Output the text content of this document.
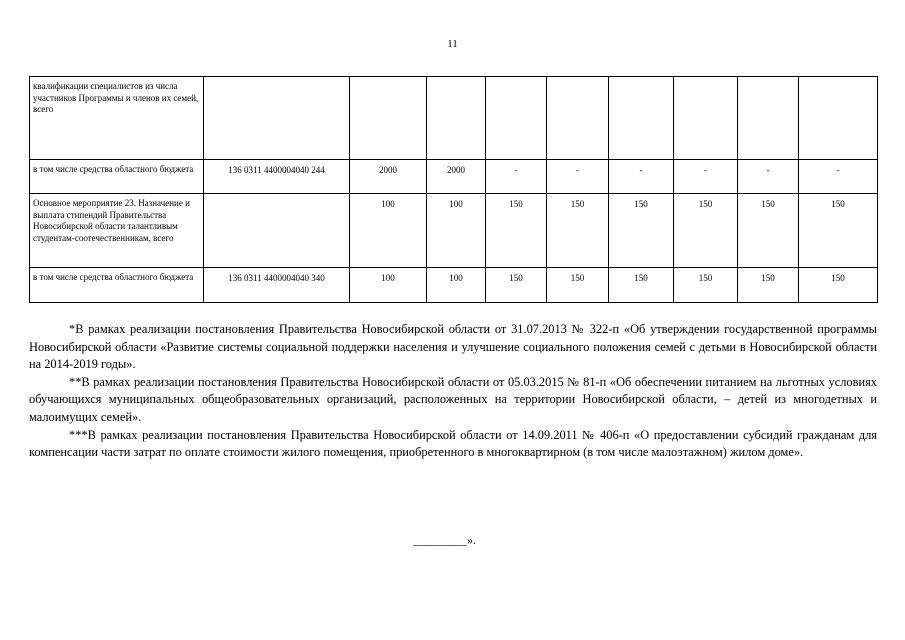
11
квалификации специалистов из числа участников Программы и членов их семей, всего									
в том числе средства областного бюджета	136 0311 4400004040 244	2000	2000	-	-	-	-	-	-
Основное мероприятие 23. Назначение и выплата стипендий Правительства Новосибирской области талантливым студентам-соотечественникам, всего		100	100	150	150	150	150	150	150
в том числе средства областного бюджета	136 0311 4400004040 340	100	100	150	150	150	150	150	150

*В рамках реализации постановления Правительства Новосибирской области от 31.07.2013 № 322-п «Об утверждении государственной программы Новосибирской области «Развитие системы социальной поддержки населения и улучшение социального положения семей с детьми в Новосибирской области на 2014-2019 годы».

**В рамках реализации постановления Правительства Новосибирской области от 05.03.2015 № 81-п «Об обеспечении питанием на льготных условиях обучающихся муниципальных общеобразовательных организаций, расположенных на территории Новосибирской области, – детей из многодетных и малоимущих семей».

***В рамках реализации постановления Правительства Новосибирской области от 14.09.2011 № 406-п «О предоставлении субсидий гражданам для компенсации части затрат по оплате стоимости жилого помещения, приобретенного в многоквартирном (в том числе малоэтажном) жилом доме».

_________».
